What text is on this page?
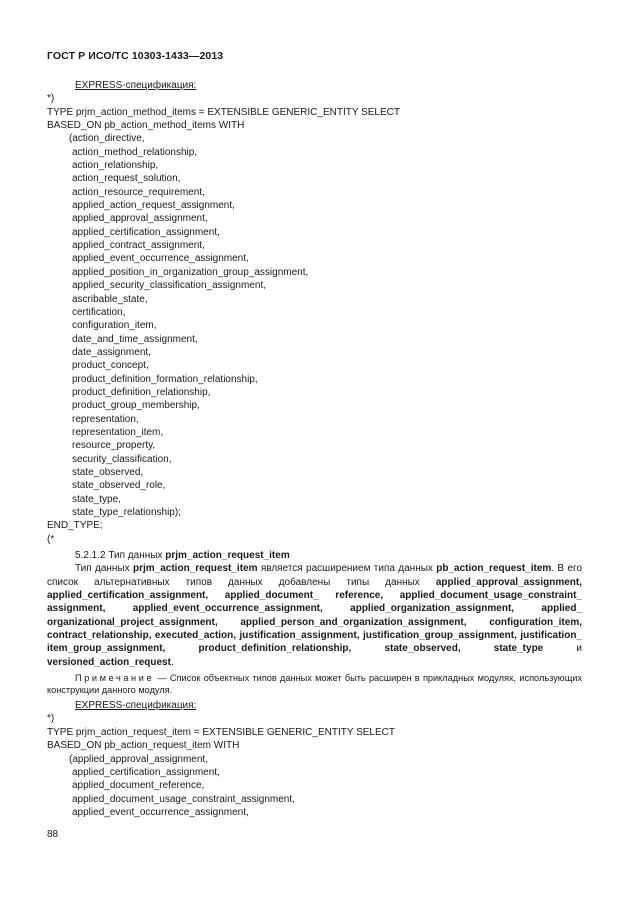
ГОСТ Р ИСО/ТС 10303-1433—2013
EXPRESS-спецификация:
*)
TYPE prjm_action_method_items = EXTENSIBLE GENERIC_ENTITY SELECT
BASED_ON pb_action_method_items WITH
(action_directive,
action_method_relationship,
action_relationship,
action_request_solution,
action_resource_requirement,
applied_action_request_assignment,
applied_approval_assignment,
applied_certification_assignment,
applied_contract_assignment,
applied_event_occurrence_assignment,
applied_position_in_organization_group_assignment,
applied_security_classification_assignment,
ascribable_state,
certification,
configuration_item,
date_and_time_assignment,
date_assignment,
product_concept,
product_definition_formation_relationship,
product_definition_relationship,
product_group_membership,
representation,
representation_item,
resource_property,
security_classification,
state_observed,
state_observed_role,
state_type,
state_type_relationship);
END_TYPE;
(*
5.2.1.2 Тип данных prjm_action_request_item
Тип данных prjm_action_request_item является расширением типа данных pb_action_request_item. В его список альтернативных типов данных добавлены типы данных applied_approval_assignment, applied_certification_assignment, applied_document_ reference, applied_document_usage_constraint_ assignment, applied_event_occurrence_assignment, applied_organization_assignment, applied_ organizational_project_assignment, applied_person_and_organization_assignment, configuration_item, contract_relationship, executed_action, justification_assignment, justification_group_assignment, justification_ item_group_assignment, product_definition_relationship, state_observed, state_type и versioned_action_request.
Примечание — Список объектных типов данных может быть расширен в прикладных модулях, использующих конструкции данного модуля.
EXPRESS-спецификация:
*)
TYPE prjm_action_request_item = EXTENSIBLE GENERIC_ENTITY SELECT
BASED_ON pb_action_request_item WITH
(applied_approval_assignment,
applied_certification_assignment,
applied_document_reference,
applied_document_usage_constraint_assignment,
applied_event_occurrence_assignment,
88
